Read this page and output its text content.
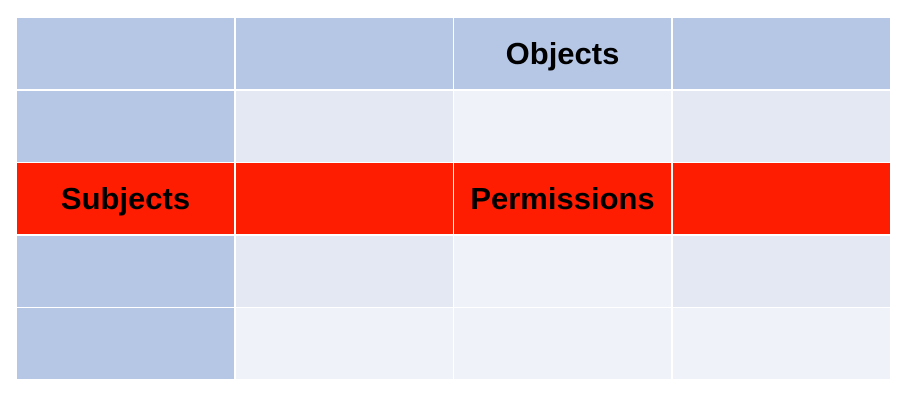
Objects
Subjects	Permissions
